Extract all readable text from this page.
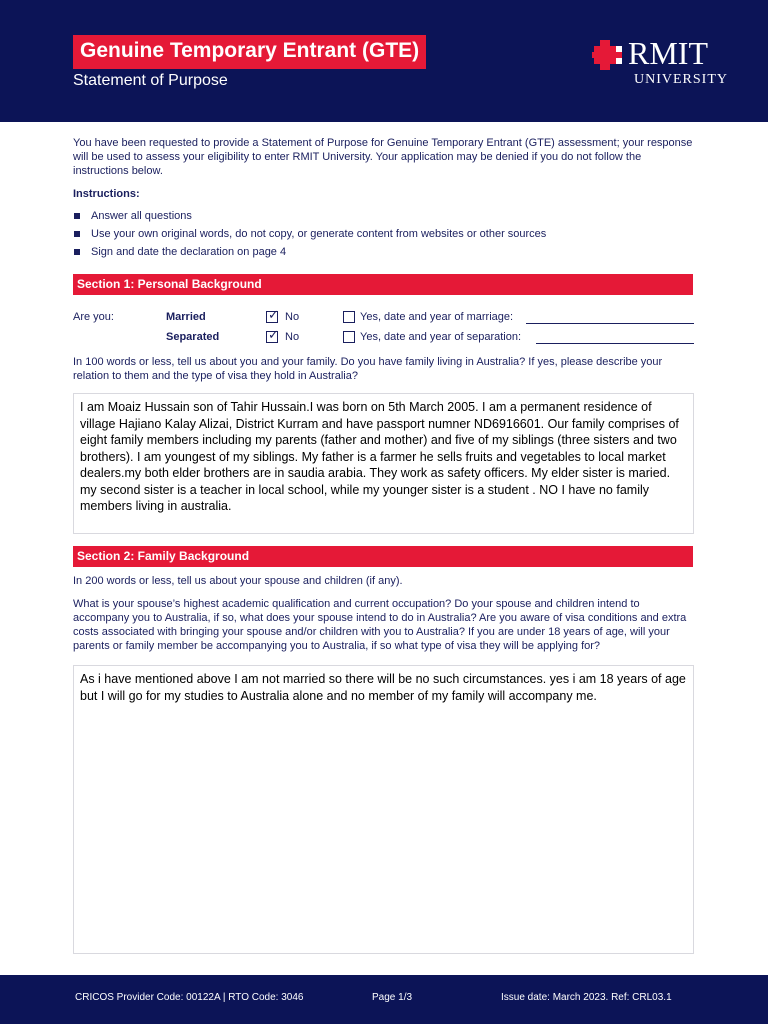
Genuine Temporary Entrant (GTE)
Statement of Purpose
RMIT
UNIVERSITY
You have been requested to provide a Statement of Purpose for Genuine Temporary Entrant (GTE) assessment; your response will be used to assess your eligibility to enter RMIT University. Your application may be denied if you do not follow the instructions below.
Instructions:
Answer all questions
Use your own original words, do not copy, or generate content from websites or other sources
Sign and date the declaration on page 4
Section 1: Personal Background
Are you:	Married	✓ No	Yes, date and year of marriage:
Separated	✓ No	Yes, date and year of separation:
In 100 words or less, tell us about you and your family. Do you have family living in Australia? If yes, please describe your relation to them and the type of visa they hold in Australia?
I am Moaiz Hussain son of Tahir Hussain.I was born on 5th March 2005. I am a permanent residence of village Hajiano Kalay Alizai, District Kurram and have passport numner ND6916601. Our family comprises of eight family members including my parents (father and mother) and five of my siblings (three sisters and two brothers). I am youngest of my siblings. My father is a farmer he sells fruits and vegetables to local market dealers.my both elder brothers are in saudia arabia. They work as safety officers. My elder sister is maried. my second sister is a teacher in local school, while my younger sister is a student . NO I have no family members living in australia.
Section 2: Family Background
In 200 words or less, tell us about your spouse and children (if any).
What is your spouse’s highest academic qualification and current occupation? Do your spouse and children intend to accompany you to Australia, if so, what does your spouse intend to do in Australia? Are you aware of visa conditions and extra costs associated with bringing your spouse and/or children with you to Australia? If you are under 18 years of age, will your parents or family member be accompanying you to Australia, if so what type of visa they will be applying for?
As i have mentioned above I am not married so there will be no such circumstances. yes i am 18 years of age but I will go for my studies to Australia alone and no member of my family will accompany me.
CRICOS Provider Code: 00122A | RTO Code: 3046	Page 1/3	Issue date: March 2023. Ref: CRL03.1
